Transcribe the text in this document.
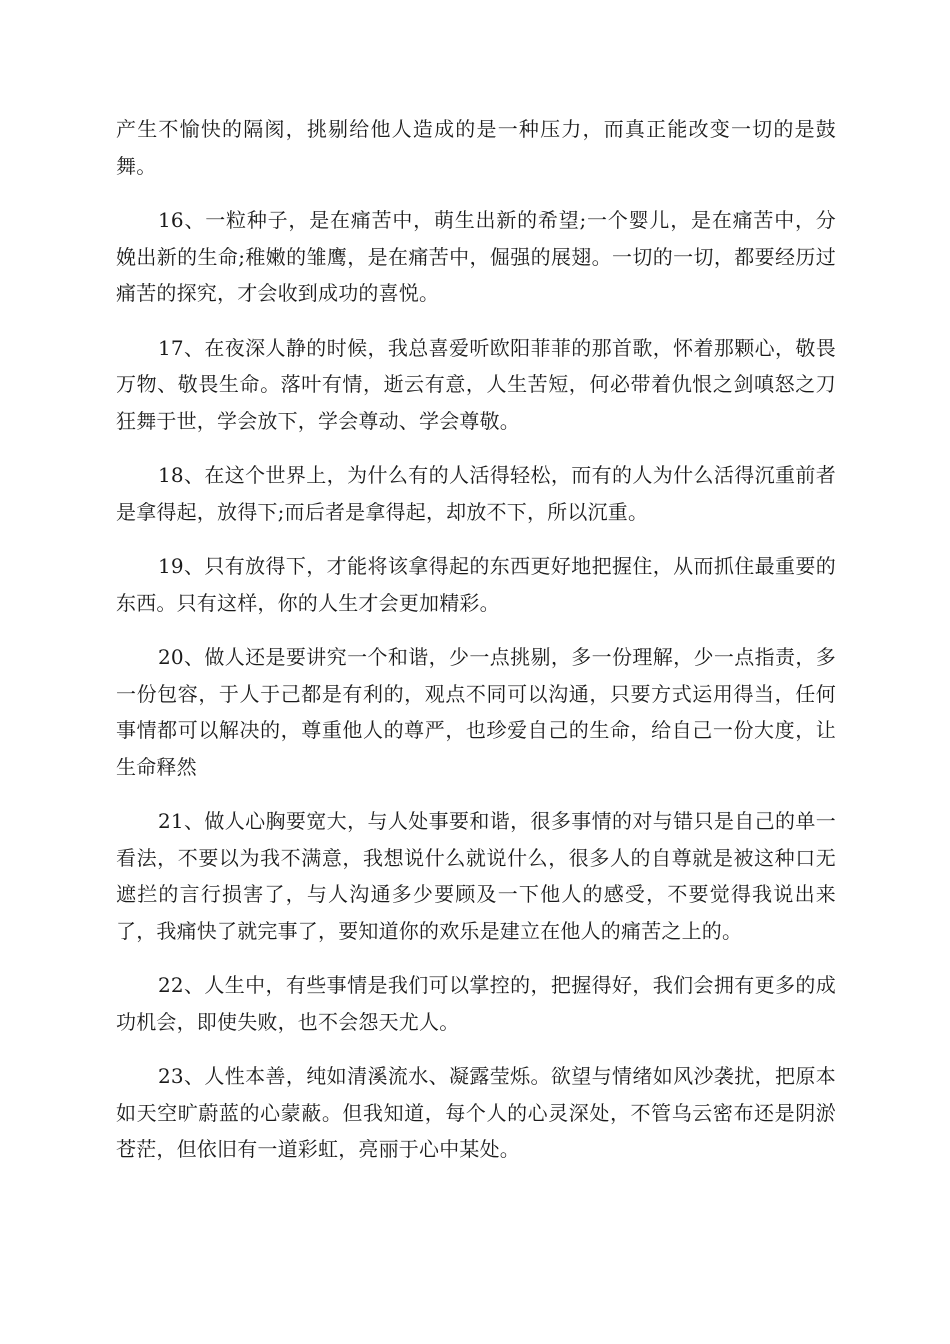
产生不愉快的隔阂，挑剔给他人造成的是一种压力，而真正能改变一切的是鼓舞。

16、一粒种子，是在痛苦中，萌生出新的希望;一个婴儿，是在痛苦中，分娩出新的生命;稚嫩的雏鹰，是在痛苦中，倔强的展翅。一切的一切，都要经历过痛苦的探究，才会收到成功的喜悦。

17、在夜深人静的时候，我总喜爱听欧阳菲菲的那首歌，怀着那颗心，敬畏万物、敬畏生命。落叶有情，逝云有意，人生苦短，何必带着仇恨之剑嗔怒之刀狂舞于世，学会放下，学会尊动、学会尊敬。

18、在这个世界上，为什么有的人活得轻松，而有的人为什么活得沉重前者是拿得起，放得下;而后者是拿得起，却放不下，所以沉重。

19、只有放得下，才能将该拿得起的东西更好地把握住，从而抓住最重要的东西。只有这样，你的人生才会更加精彩。

20、做人还是要讲究一个和谐，少一点挑剔，多一份理解，少一点指责，多一份包容，于人于己都是有利的，观点不同可以沟通，只要方式运用得当，任何事情都可以解决的，尊重他人的尊严，也珍爱自己的生命，给自己一份大度，让生命释然

21、做人心胸要宽大，与人处事要和谐，很多事情的对与错只是自己的单一看法，不要以为我不满意，我想说什么就说什么，很多人的自尊就是被这种口无遮拦的言行损害了，与人沟通多少要顾及一下他人的感受，不要觉得我说出来了，我痛快了就完事了，要知道你的欢乐是建立在他人的痛苦之上的。

22、人生中，有些事情是我们可以掌控的，把握得好，我们会拥有更多的成功机会，即使失败，也不会怨天尤人。

23、人性本善，纯如清溪流水、凝露莹烁。欲望与情绪如风沙袭扰，把原本如天空旷蔚蓝的心蒙蔽。但我知道，每个人的心灵深处，不管乌云密布还是阴淤苍茫，但依旧有一道彩虹，亮丽于心中某处。
